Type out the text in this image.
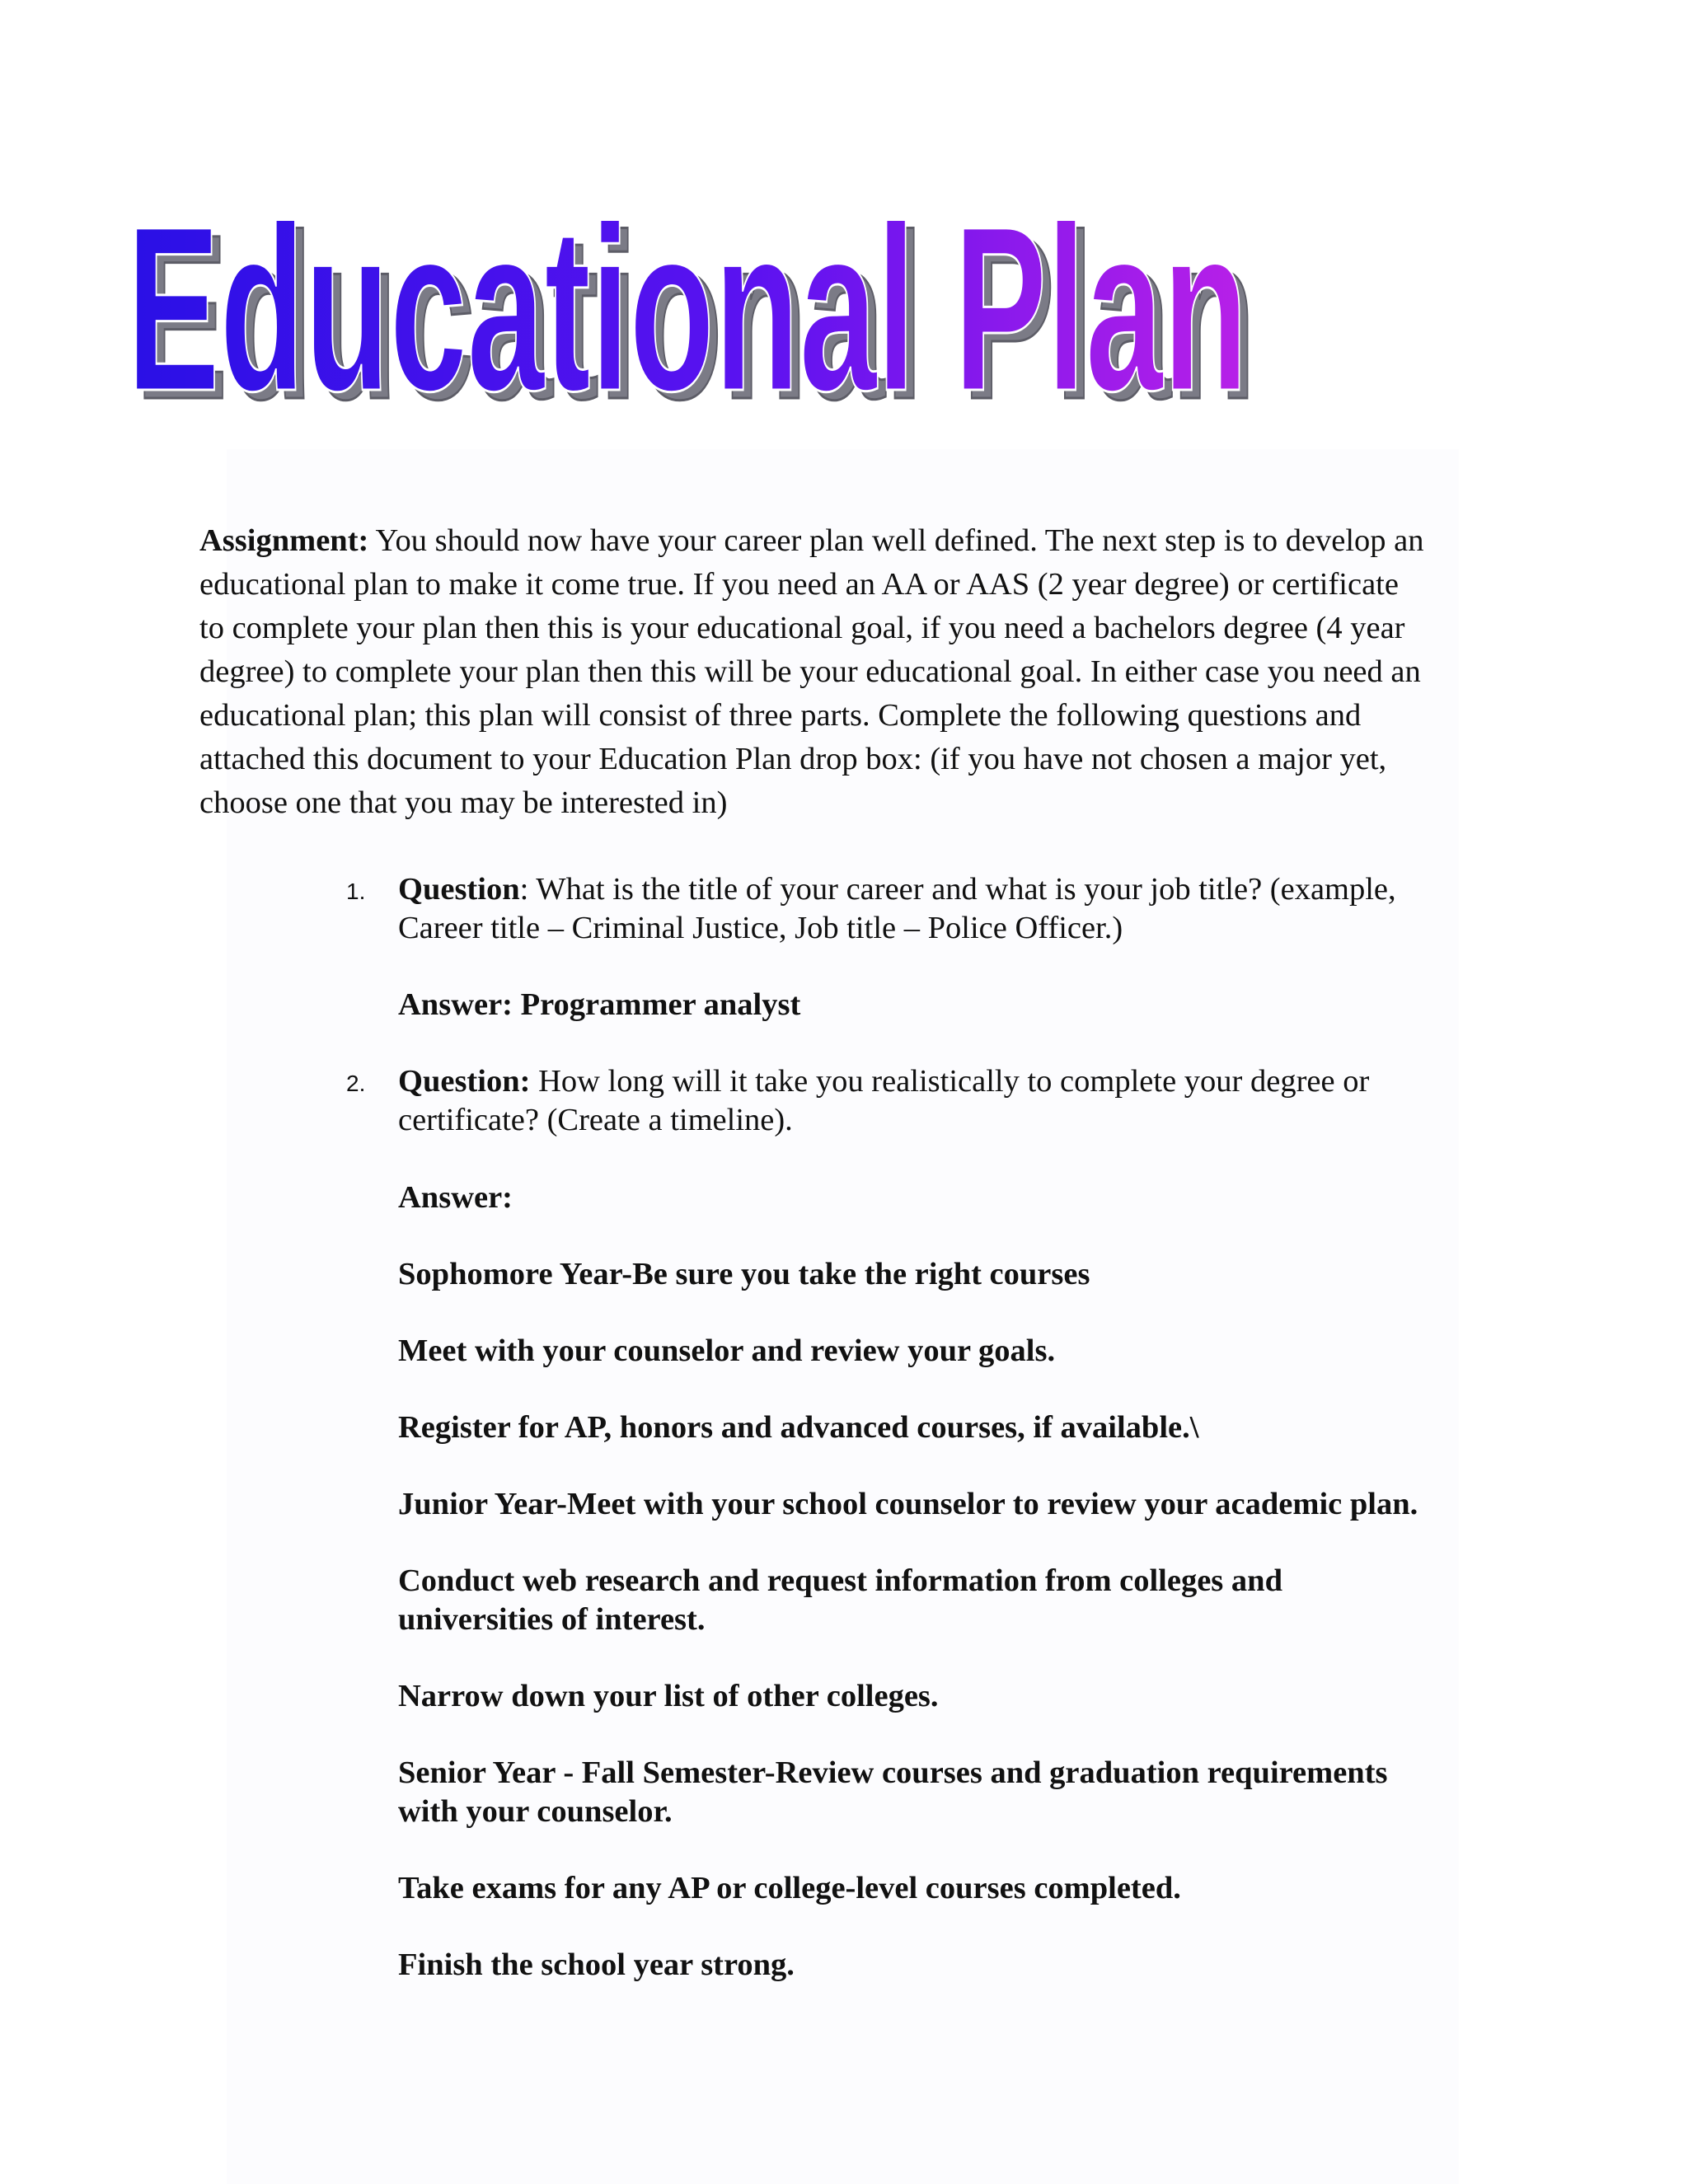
Educational Plan
Educational Plan
Assignment: You should now have your career plan well defined. The next step is to develop an
educational plan to make it come true. If you need an AA or AAS (2 year degree) or certificate
to complete your plan then this is your educational goal, if you need a bachelors degree (4 year
degree) to complete your plan then this will be your educational goal. In either case you need an
educational plan; this plan will consist of three parts. Complete the following questions and
attached this document to your Education Plan drop box: (if you have not chosen a major yet,
choose one that you may be interested in)
1. Question: What is the title of your career and what is your job title? (example,
Career title – Criminal Justice, Job title – Police Officer.)
Answer: Programmer analyst
2. Question: How long will it take you realistically to complete your degree or
certificate? (Create a timeline).
Answer:
Sophomore Year-Be sure you take the right courses
Meet with your counselor and review your goals.
Register for AP, honors and advanced courses, if available.\
Junior Year-Meet with your school counselor to review your academic plan.
Conduct web research and request information from colleges and
universities of interest.
Narrow down your list of other colleges.
Senior Year - Fall Semester-Review courses and graduation requirements
with your counselor.
Take exams for any AP or college-level courses completed.
Finish the school year strong.
